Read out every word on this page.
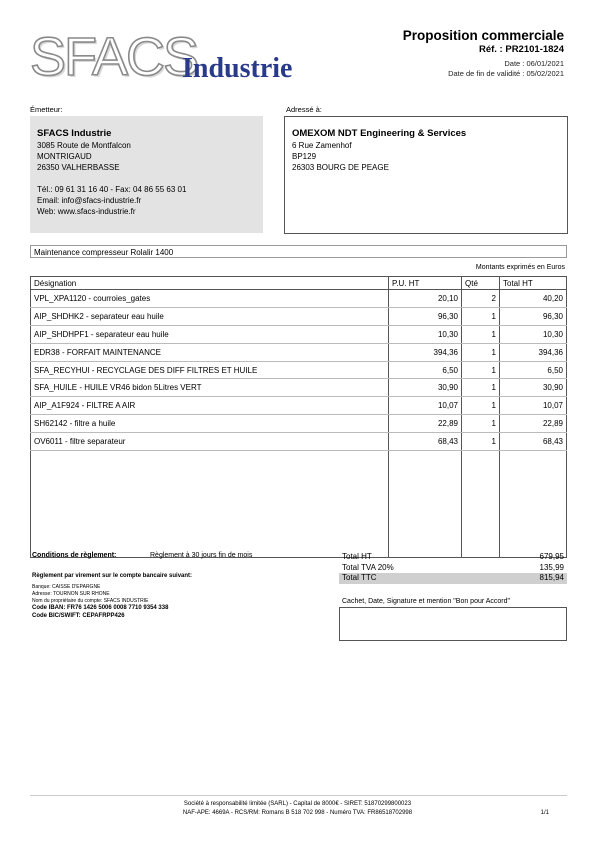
SFACS
Industrie
Proposition commerciale
Réf. : PR2101-1824
Date : 06/01/2021
Date de fin de validité : 05/02/2021
Émetteur:
SFACS Industrie
3085 Route de Montfalcon
MONTRIGAUD
26350 VALHERBASSE
Tél.: 09 61 31 16 40 - Fax: 04 86 55 63 01
Email: info@sfacs-industrie.fr
Web: www.sfacs-industrie.fr
Adressé à:
OMEXOM NDT Engineering & Services
6 Rue Zamenhof
BP129
26303 BOURG DE PEAGE
Maintenance compresseur Rolalir 1400
Montants exprimés en Euros
Désignation	P.U. HT	Qté	Total HT
VPL_XPA1120 - courroies_gates	20,10	2	40,20
AIP_SHDHK2 - separateur eau huile	96,30	1	96,30
AIP_SHDHPF1 - separateur eau huile	10,30	1	10,30
EDR38 - FORFAIT MAINTENANCE	394,36	1	394,36
SFA_RECYHUI - RECYCLAGE DES DIFF FILTRES ET HUILE	6,50	1	6,50
SFA_HUILE - HUILE VR46 bidon 5Litres VERT	30,90	1	30,90
AIP_A1F924 - FILTRE A AIR	10,07	1	10,07
SH62142 - filtre a huile	22,89	1	22,89
OV6011 - filtre separateur	68,43	1	68,43

Conditions de règlement:	Règlement à 30 jours fin de mois
Règlement par virement sur le compte bancaire suivant:
Banque: CAISSE D'EPARGNE
Adresse: TOURNON SUR RHONE
Nom du propriétaire du compte: SFACS INDUSTRIE
Code IBAN: FR76 1426 5006 0008 7710 9354 338
Code BIC/SWIFT: CEPAFRPP426
Total HT	679,95
Total TVA 20%	135,99
Total TTC	815,94
Cachet, Date, Signature et mention "Bon pour Accord"
Société à responsabilité limitée (SARL) - Capital de 8000€ - SIRET: 51870299800023
NAF-APE: 4669A - RCS/RM: Romans B 518 702 998 - Numéro TVA: FR86518702998	1/1
